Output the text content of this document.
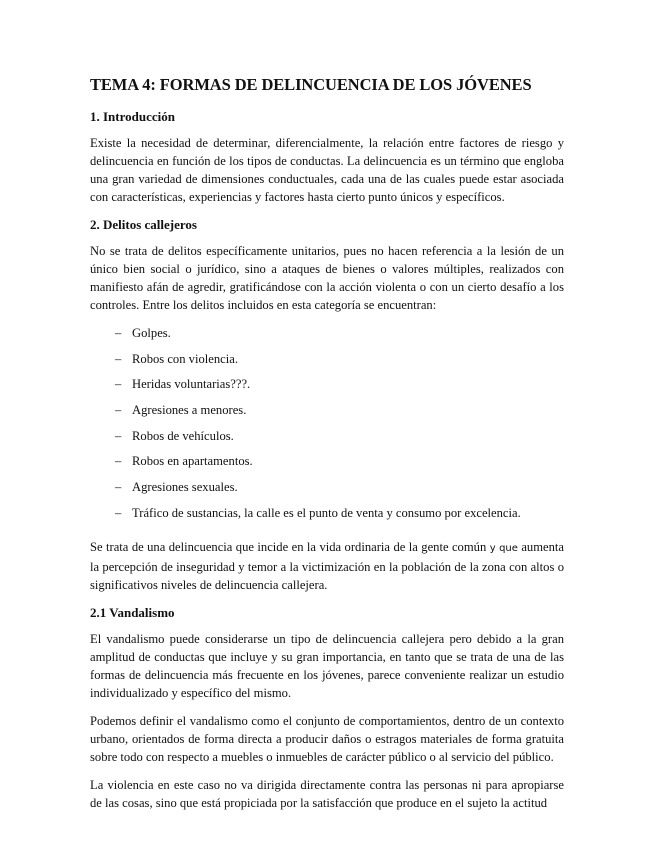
TEMA 4: FORMAS DE DELINCUENCIA DE LOS JÓVENES
1. Introducción

Existe la necesidad de determinar, diferencialmente, la relación entre factores de riesgo y delincuencia en función de los tipos de conductas. La delincuencia es un término que engloba una gran variedad de dimensiones conductuales, cada una de las cuales puede estar asociada con características, experiencias y factores hasta cierto punto únicos y específicos.

2. Delitos callejeros

No se trata de delitos específicamente unitarios, pues no hacen referencia a la lesión de un único bien social o jurídico, sino a ataques de bienes o valores múltiples, realizados con manifiesto afán de agredir, gratificándose con la acción violenta o con un cierto desafío a los controles. Entre los delitos incluidos en esta categoría se encuentran:

– Golpes.
– Robos con violencia.
– Heridas voluntarias???.
– Agresiones a menores.
– Robos de vehículos.
– Robos en apartamentos.
– Agresiones sexuales.
– Tráfico de sustancias, la calle es el punto de venta y consumo por excelencia.

Se trata de una delincuencia que incide en la vida ordinaria de la gente común y que aumenta la percepción de inseguridad y temor a la victimización en la población de la zona con altos o significativos niveles de delincuencia callejera.

2.1 Vandalismo

El vandalismo puede considerarse un tipo de delincuencia callejera pero debido a la gran amplitud de conductas que incluye y su gran importancia, en tanto que se trata de una de las formas de delincuencia más frecuente en los jóvenes, parece conveniente realizar un estudio individualizado y específico del mismo.

Podemos definir el vandalismo como el conjunto de comportamientos, dentro de un contexto urbano, orientados de forma directa a producir daños o estragos materiales de forma gratuita sobre todo con respecto a muebles o inmuebles de carácter público o al servicio del público.

La violencia en este caso no va dirigida directamente contra las personas ni para apropiarse de las cosas, sino que está propiciada por la satisfacción que produce en el sujeto la actitud
